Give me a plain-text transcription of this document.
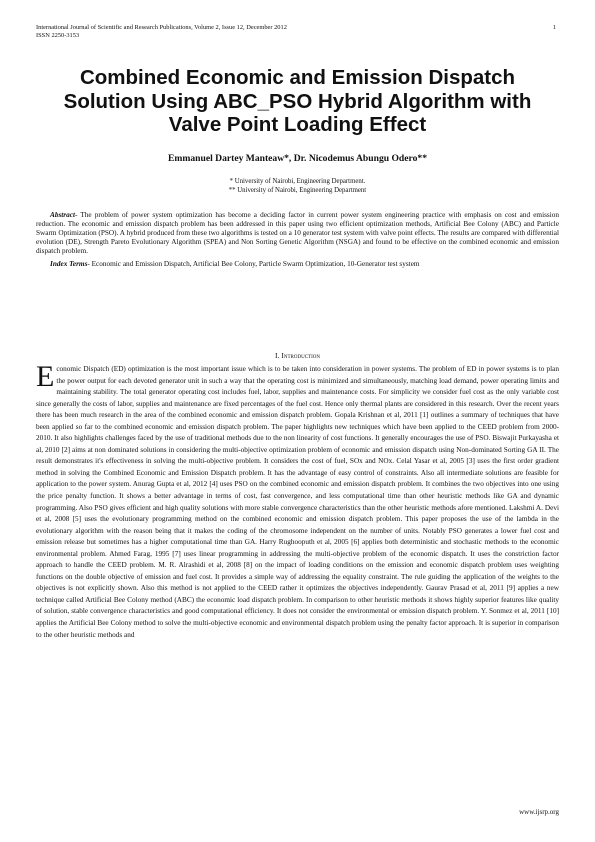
International Journal of Scientific and Research Publications, Volume 2, Issue 12, December 2012
ISSN 2250-3153
1
Combined Economic and Emission Dispatch Solution Using ABC_PSO Hybrid Algorithm with Valve Point Loading Effect
Emmanuel Dartey Manteaw*, Dr. Nicodemus Abungu Odero**
* University of Nairobi, Engineering Department.
** University of Nairobi, Engineering Department

Abstract- The problem of power system optimization has become a deciding factor in current power system engineering practice with emphasis on cost and emission reduction. The economic and emission dispatch problem has been addressed in this paper using two efficient optimization methods, Artificial Bee Colony (ABC) and Particle Swarm Optimization (PSO). A hybrid produced from these two algorithms is tested on a 10 generator test system with valve point effects. The results are compared with differential evolution (DE), Strength Pareto Evolutionary Algorithm (SPEA) and Non Sorting Genetic Algorithm (NSGA) and found to be effective on the combined economic and emission dispatch problem.

Index Terms- Economic and Emission Dispatch, Artificial Bee Colony, Particle Swarm Optimization, 10-Generator test system

I. Introduction

Economic Dispatch (ED) optimization is the most important issue which is to be taken into consideration in power systems. The problem of ED in power systems is to plan the power output for each devoted generator unit in such a way that the operating cost is minimized and simultaneously, matching load demand, power operating limits and maintaining stability. The total generator operating cost includes fuel, labor, supplies and maintenance costs. For simplicity we consider fuel cost as the only variable cost since generally the costs of labor, supplies and maintenance are fixed percentages of the fuel cost. Hence only thermal plants are considered in this research. Over the recent years there has been much research in the area of the combined economic and emission dispatch problem. Gopala Krishnan et al, 2011 [1] outlines a summary of techniques that have been applied so far to the combined economic and emission dispatch problem. The paper highlights new techniques which have been applied to the CEED problem from 2000-2010. It also highlights challenges faced by the use of traditional methods due to the non linearity of cost functions. It generally encourages the use of PSO. Biswajit Purkayasha et al, 2010 [2] aims at non dominated solutions in considering the multi-objective optimization problem of economic and emission dispatch using Non-dominated Sorting GA II. The result demonstrates it's effectiveness in solving the multi-objective problem. It considers the cost of fuel, SOx and NOx. Celal Yasar et al, 2005 [3] uses the first order gradient method in solving the Combined Economic and Emission Dispatch problem. It has the advantage of easy control of constraints. Also all intermediate solutions are feasible for application to the power system. Anurag Gupta et al, 2012 [4] uses PSO on the combined economic and emission dispatch problem. It combines the two objectives into one using the price penalty function. It shows a better advantage in terms of cost, fast convergence, and less computational time than other heuristic methods like GA and dynamic programming. Also PSO gives efficient and high quality solutions with more stable convergence characteristics than the other heuristic methods afore mentioned. Lakshmi A. Devi et al, 2008 [5] uses the evolutionary programming method on the combined economic and emission dispatch problem. This paper proposes the use of the lambda in the evolutionary algorithm with the reason being that it makes the coding of the chromosome independent on the number of units. Notably PSO generates a lower fuel cost and emission release but sometimes has a higher computational time than GA. Harry Rughooputh et al, 2005 [6] applies both deterministic and stochastic methods to the economic environmental problem. Ahmed Farag, 1995 [7] uses linear programming in addressing the multi-objective problem of the economic dispatch. It uses the constriction factor approach to handle the CEED problem. M. R. Alrashidi et al, 2008 [8] on the impact of loading conditions on the emission and economic dispatch problem uses weighting functions on the double objective of emission and fuel cost. It provides a simple way of addressing the equality constraint. The rule guiding the application of the weights to the objectives is not explicitly shown. Also this method is not applied to the CEED rather it optimizes the objectives independently. Gaurav Prasad et al, 2011 [9] applies a new technique called Artificial Bee Colony method (ABC) the economic load dispatch problem. In comparison to other heuristic methods it shows highly superior features like quality of solution, stable convergence characteristics and good computational efficiency. It does not consider the environmental or emission dispatch problem. Y. Sonmez et al, 2011 [10] applies the Artificial Bee Colony method to solve the multi-objective economic and environmental dispatch problem using the penalty factor approach. It is superior in comparison to the other heuristic methods and

www.ijsrp.org
